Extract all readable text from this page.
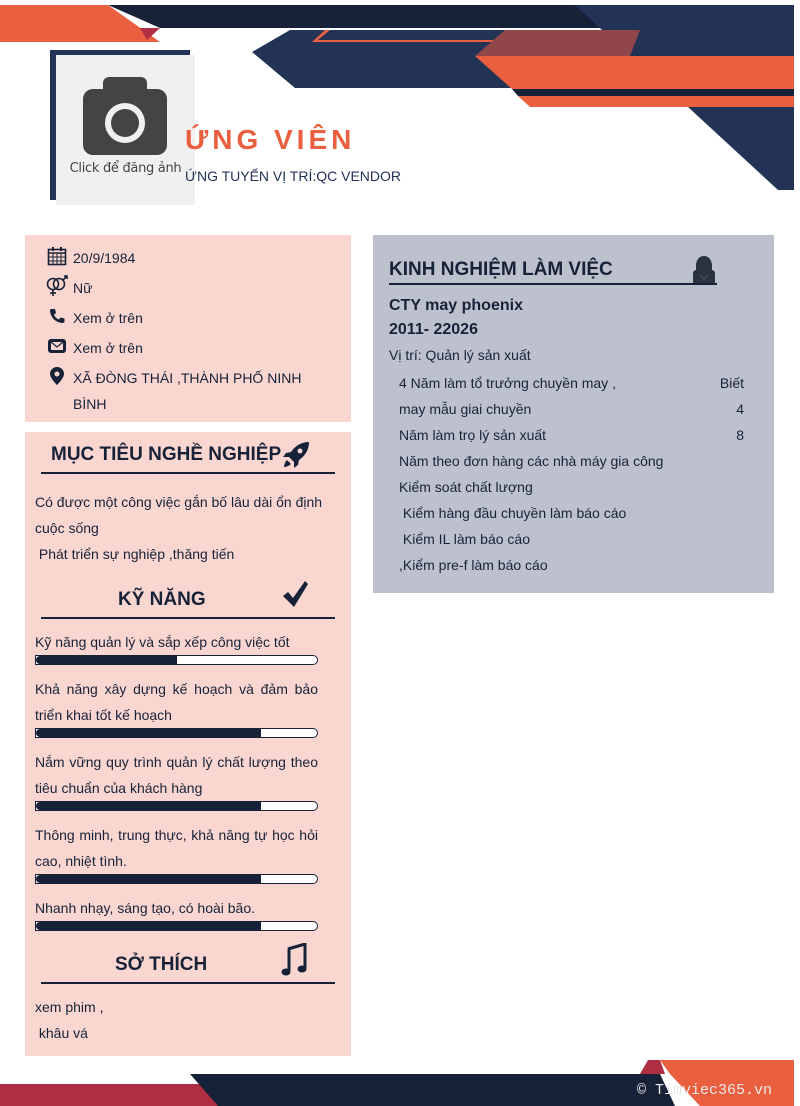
Click để đăng ảnh
ỨNG VIÊN
ỨNG TUYỂN VỊ TRÍ:QC VENDOR
20/9/1984
Nữ
Xem ở trên
Xem ở trên
XÃ ĐÒNG THÁI ,THÀNH PHỐ NINH BÌNH
MỤC TIÊU NGHỀ NGHIỆP
Có được một công việc gắn bố lâu dài ổn định cuộc sống
Phát triển sự nghiệp ,thăng tiến
KỸ NĂNG
Kỹ năng quản lý và sắp xếp công việc tốt
Khả năng xây dựng kế hoạch và đảm bảo triển khai tốt kế hoạch
Nắm vững quy trình quản lý chất lượng theo tiêu chuẩn của khách hàng
Thông minh, trung thực, khả năng tự học hỏi cao, nhiệt tình.
Nhanh nhạy, sáng tạo, có hoài bão.
SỞ THÍCH
xem phim ,
khâu vá
KINH NGHIỆM LÀM VIỆC
CTY may phoenix
2011- 22026
Vị trí: Quản lý sản xuất
4 Năm làm tổ trưởng chuyền may ,	Biết
may mẫu giai chuyền	4
Năm làm trọ lý sản xuất	8
Năm theo đơn hàng các nhà máy gia công
Kiểm soát chất lượng
Kiểm hàng đầu chuyền làm báo cáo
Kiểm IL làm báo cáo
,Kiểm pre-f làm báo cáo
© Timviec365.vn
